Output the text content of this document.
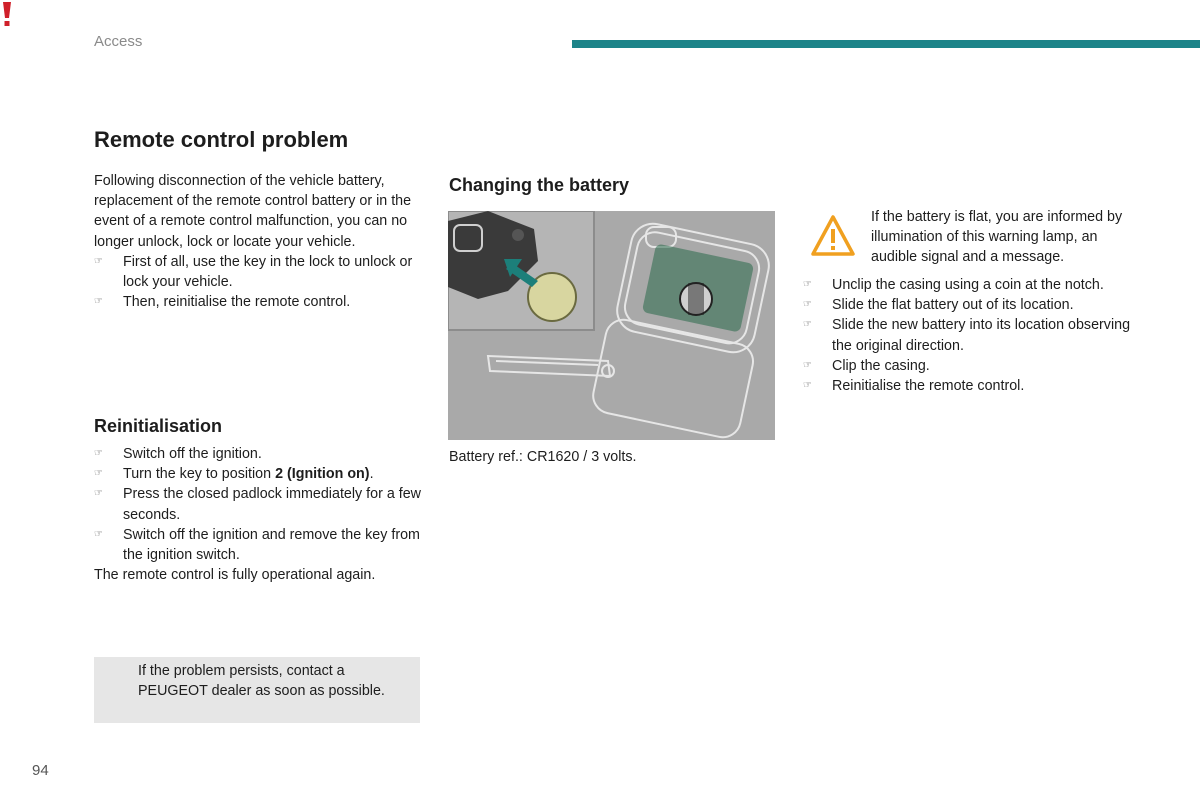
Access
Remote control problem

Following disconnection of the vehicle battery, replacement of the remote control battery or in the event of a remote control malfunction, you can no longer unlock, lock or locate your vehicle.

☞ First of all, use the key in the lock to unlock or lock your vehicle.
☞ Then, reinitialise the remote control.
Reinitialisation
☞ Switch off the ignition.
☞ Turn the key to position 2 (Ignition on).
☞ Press the closed padlock immediately for a few seconds.
☞ Switch off the ignition and remove the key from the ignition switch.

The remote control is fully operational again.

If the problem persists, contact a PEUGEOT dealer as soon as possible.
Changing the battery
Battery ref.: CR1620 / 3 volts.
If the battery is flat, you are informed by illumination of this warning lamp, an audible signal and a message.
☞ Unclip the casing using a coin at the notch.
☞ Slide the flat battery out of its location.
☞ Slide the new battery into its location observing the original direction.
☞ Clip the casing.
☞ Reinitialise the remote control.
94
